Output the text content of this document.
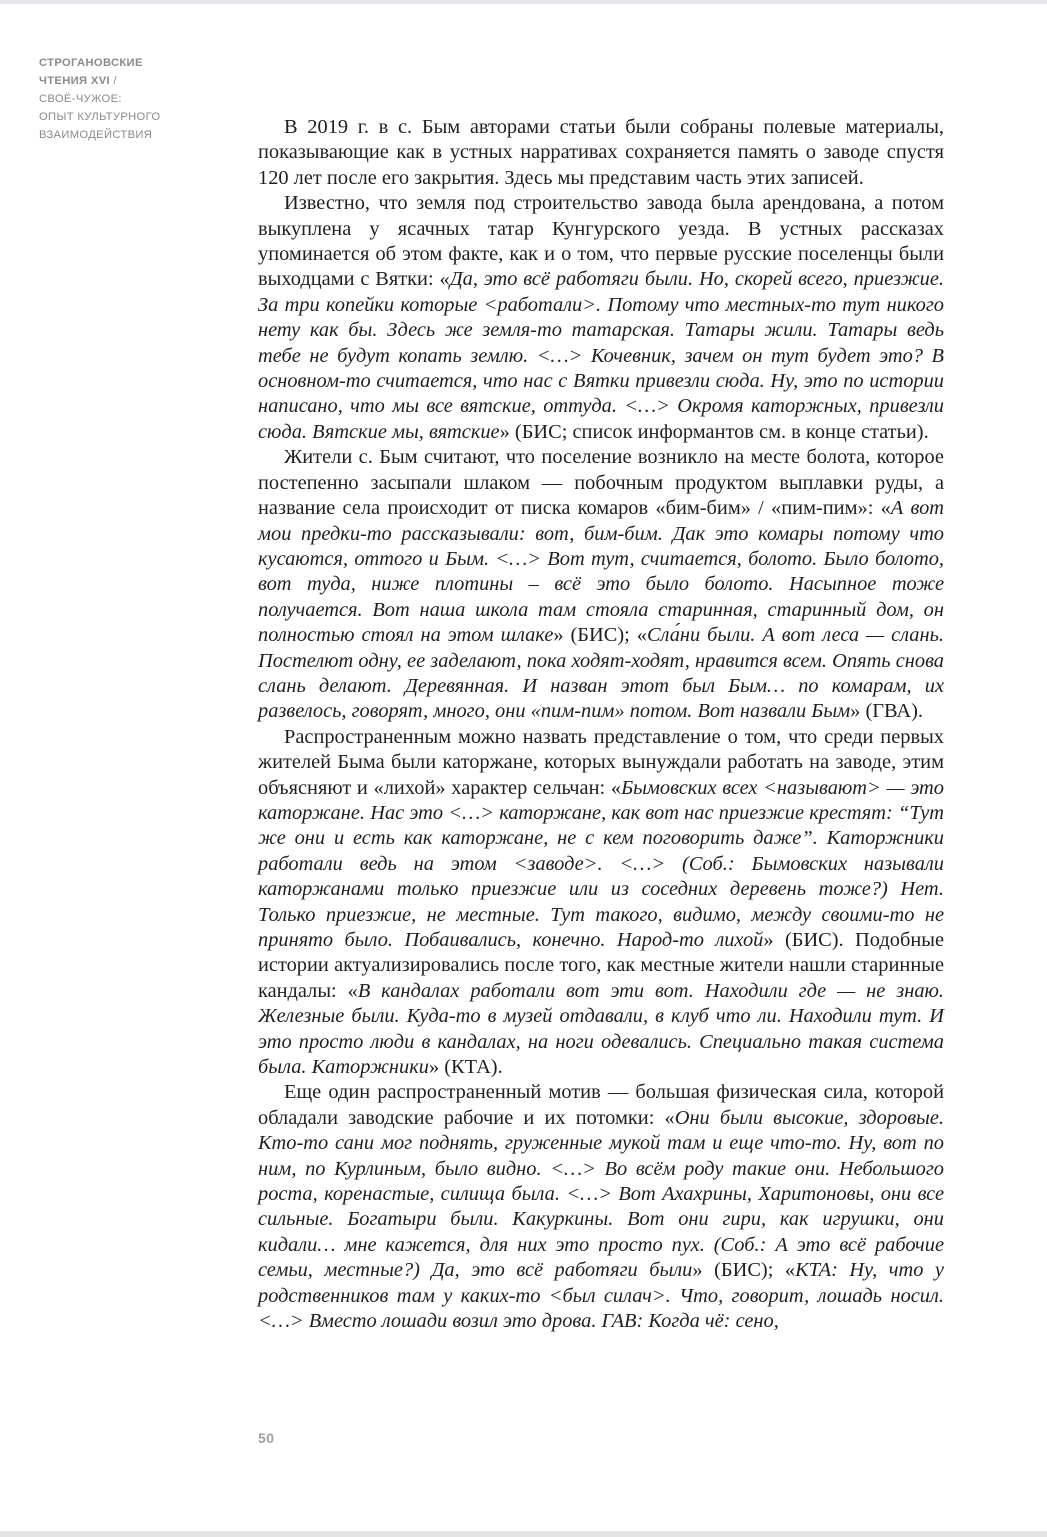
СТРОГАНОВСКИЕ
ЧТЕНИЯ XVI /
СВОЁ-ЧУЖОЕ:
ОПЫТ КУЛЬТУРНОГО
ВЗАИМОДЕЙСТВИЯ	В 2019 г. в с. Бым авторами статьи были собраны полевые материалы, показывающие как в устных нарративах сохраняется память о заводе спустя 120 лет после его закрытия. Здесь мы представим часть этих записей.

Известно, что земля под строительство завода была арендована, а потом выкуплена у ясачных татар Кунгурского уезда. В устных рассказах упоминается об этом факте, как и о том, что первые русские поселенцы были выходцами с Вятки: «Да, это всё работяги были. Но, скорей всего, приезжие. За три копейки которые <работали>. Потому что местных-то тут никого нету как бы. Здесь же земля-то татарская. Татары жили. Татары ведь тебе не будут копать землю. <…> Кочевник, зачем он тут будет это? В основном-то считается, что нас с Вятки привезли сюда. Ну, это по истории написано, что мы все вятские, оттуда. <…> Окромя каторжных, привезли сюда. Вятские мы, вятские» (БИС; список информантов см. в конце статьи).

Жители с. Бым считают, что поселение возникло на месте болота, которое постепенно засыпали шлаком — побочным продуктом выплавки руды, а название села происходит от писка комаров «бим-бим» / «пим-пим»: «А вот мои предки-то рассказывали: вот, бим-бим. Дак это комары потому что кусаются, оттого и Бым. <…> Вот тут, считается, болото. Было болото, вот туда, ниже плотины – всё это было болото. Насыпное тоже получается. Вот наша школа там стояла старинная, старинный дом, он полностью стоял на этом шлаке» (БИС); «Сла́ни были. А вот леса — слань. Постелют одну, ее заделают, пока ходят-ходят, нравится всем. Опять снова слань делают. Деревянная. И назван этот был Бым… по комарам, их развелось, говорят, много, они «пим-пим» потом. Вот назвали Бым» (ГВА).

Распространенным можно назвать представление о том, что среди первых жителей Быма были каторжане, которых вынуждали работать на заводе, этим объясняют и «лихой» характер сельчан: «Бымовских всех <называют> — это каторжане. Нас это <…> каторжане, как вот нас приезжие крестят: “Тут же они и есть как каторжане, не с кем поговорить даже”. Каторжники работали ведь на этом <заводе>. <…> (Соб.: Бымовских называли каторжанами только приезжие или из соседних деревень тоже?) Нет. Только приезжие, не местные. Тут такого, видимо, между своими-то не принято было. Побаивались, конечно. Народ-то лихой» (БИС). Подобные истории актуализировались после того, как местные жители нашли старинные кандалы: «В кандалах работали вот эти вот. Находили где — не знаю. Железные были. Куда-то в музей отдавали, в клуб что ли. Находили тут. И это просто люди в кандалах, на ноги одевались. Специально такая система была. Каторжники» (КТА).

Еще один распространенный мотив — большая физическая сила, которой обладали заводские рабочие и их потомки: «Они были высокие, здоровые. Кто-то сани мог поднять, груженные мукой там и еще что-то. Ну, вот по ним, по Курлиным, было видно. <…> Во всём роду такие они. Небольшого роста, коренастые, силища была. <…> Вот Ахахрины, Харитоновы, они все сильные. Богатыри были. Какуркины. Вот они гири, как игрушки, они кидали… мне кажется, для них это просто пух. (Соб.: А это всё рабочие семьи, местные?) Да, это всё работяги были» (БИС); «КТА: Ну, что у родственников там у каких-то <был силач>. Что, говорит, лошадь носил. <…> Вместо лошади возил это дрова. ГАВ: Когда чё: сено,

50
